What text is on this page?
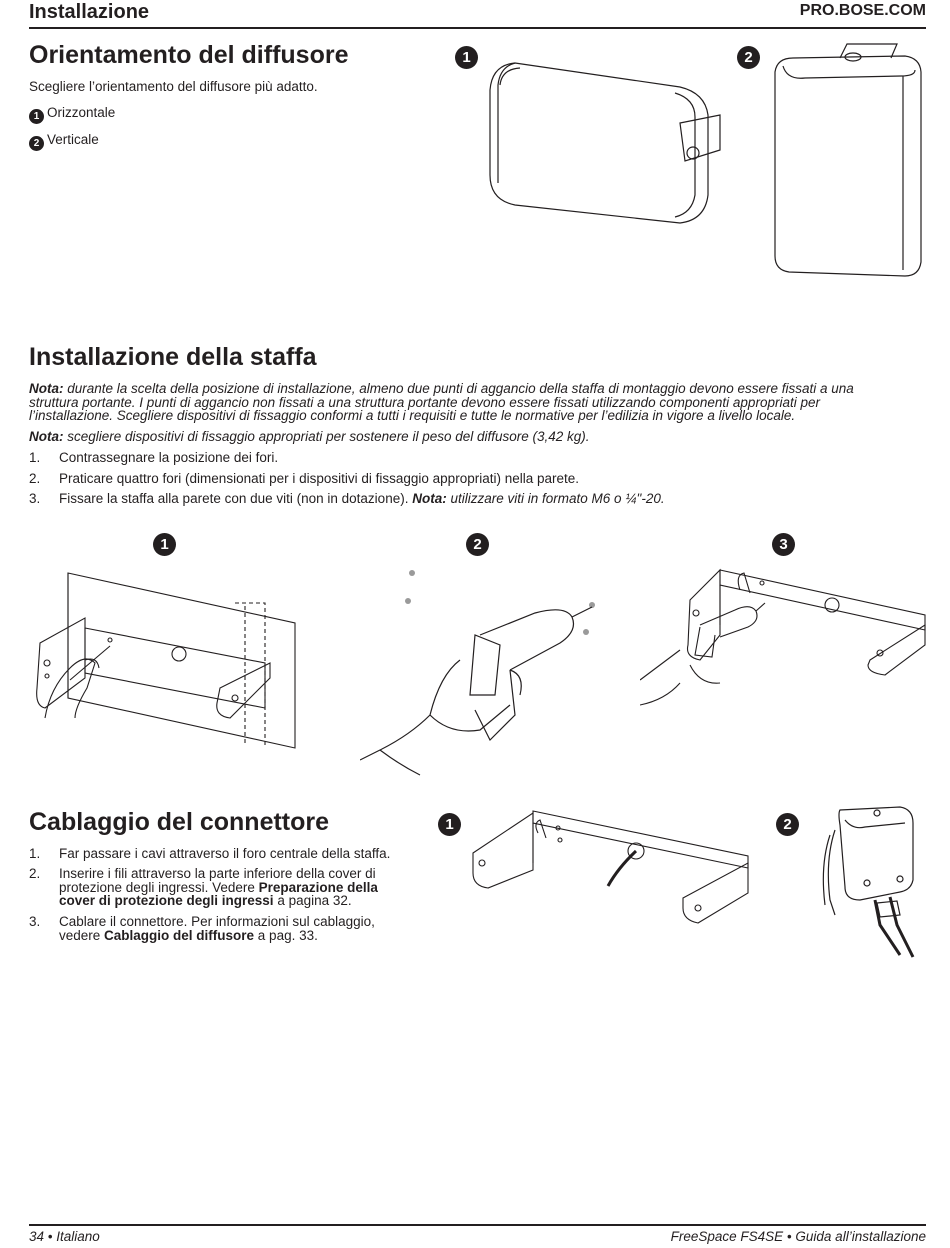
Installazione	PRO.BOSE.COM
Orientamento del diffusore
Scegliere l’orientamento del diffusore più adatto.
1 Orizzontale
2 Verticale
1	2
Installazione della staffa
Nota: durante la scelta della posizione di installazione, almeno due punti di aggancio della staffa di montaggio devono essere fissati a una
struttura portante. I punti di aggancio non fissati a una struttura portante devono essere fissati utilizzando componenti appropriati per
l’installazione. Scegliere dispositivi di fissaggio conformi a tutti i requisiti e tutte le normative per l’edilizia in vigore a livello locale.
Nota: scegliere dispositivi di fissaggio appropriati per sostenere il peso del diffusore (3,42 kg).
1. Contrassegnare la posizione dei fori.
2. Praticare quattro fori (dimensionati per i dispositivi di fissaggio appropriati) nella parete.
3. Fissare la staffa alla parete con due viti (non in dotazione). Nota: utilizzare viti in formato M6 o ¼"-20.
1	2	3
Cablaggio del connettore
1. Far passare i cavi attraverso il foro centrale della staffa.
2. Inserire i fili attraverso la parte inferiore della cover di
protezione degli ingressi. Vedere Preparazione della
cover di protezione degli ingressi a pagina 32.
3. Cablare il connettore. Per informazioni sul cablaggio,
vedere Cablaggio del diffusore a pag. 33.
1	2
34 • Italiano	FreeSpace FS4SE • Guida all’installazione
